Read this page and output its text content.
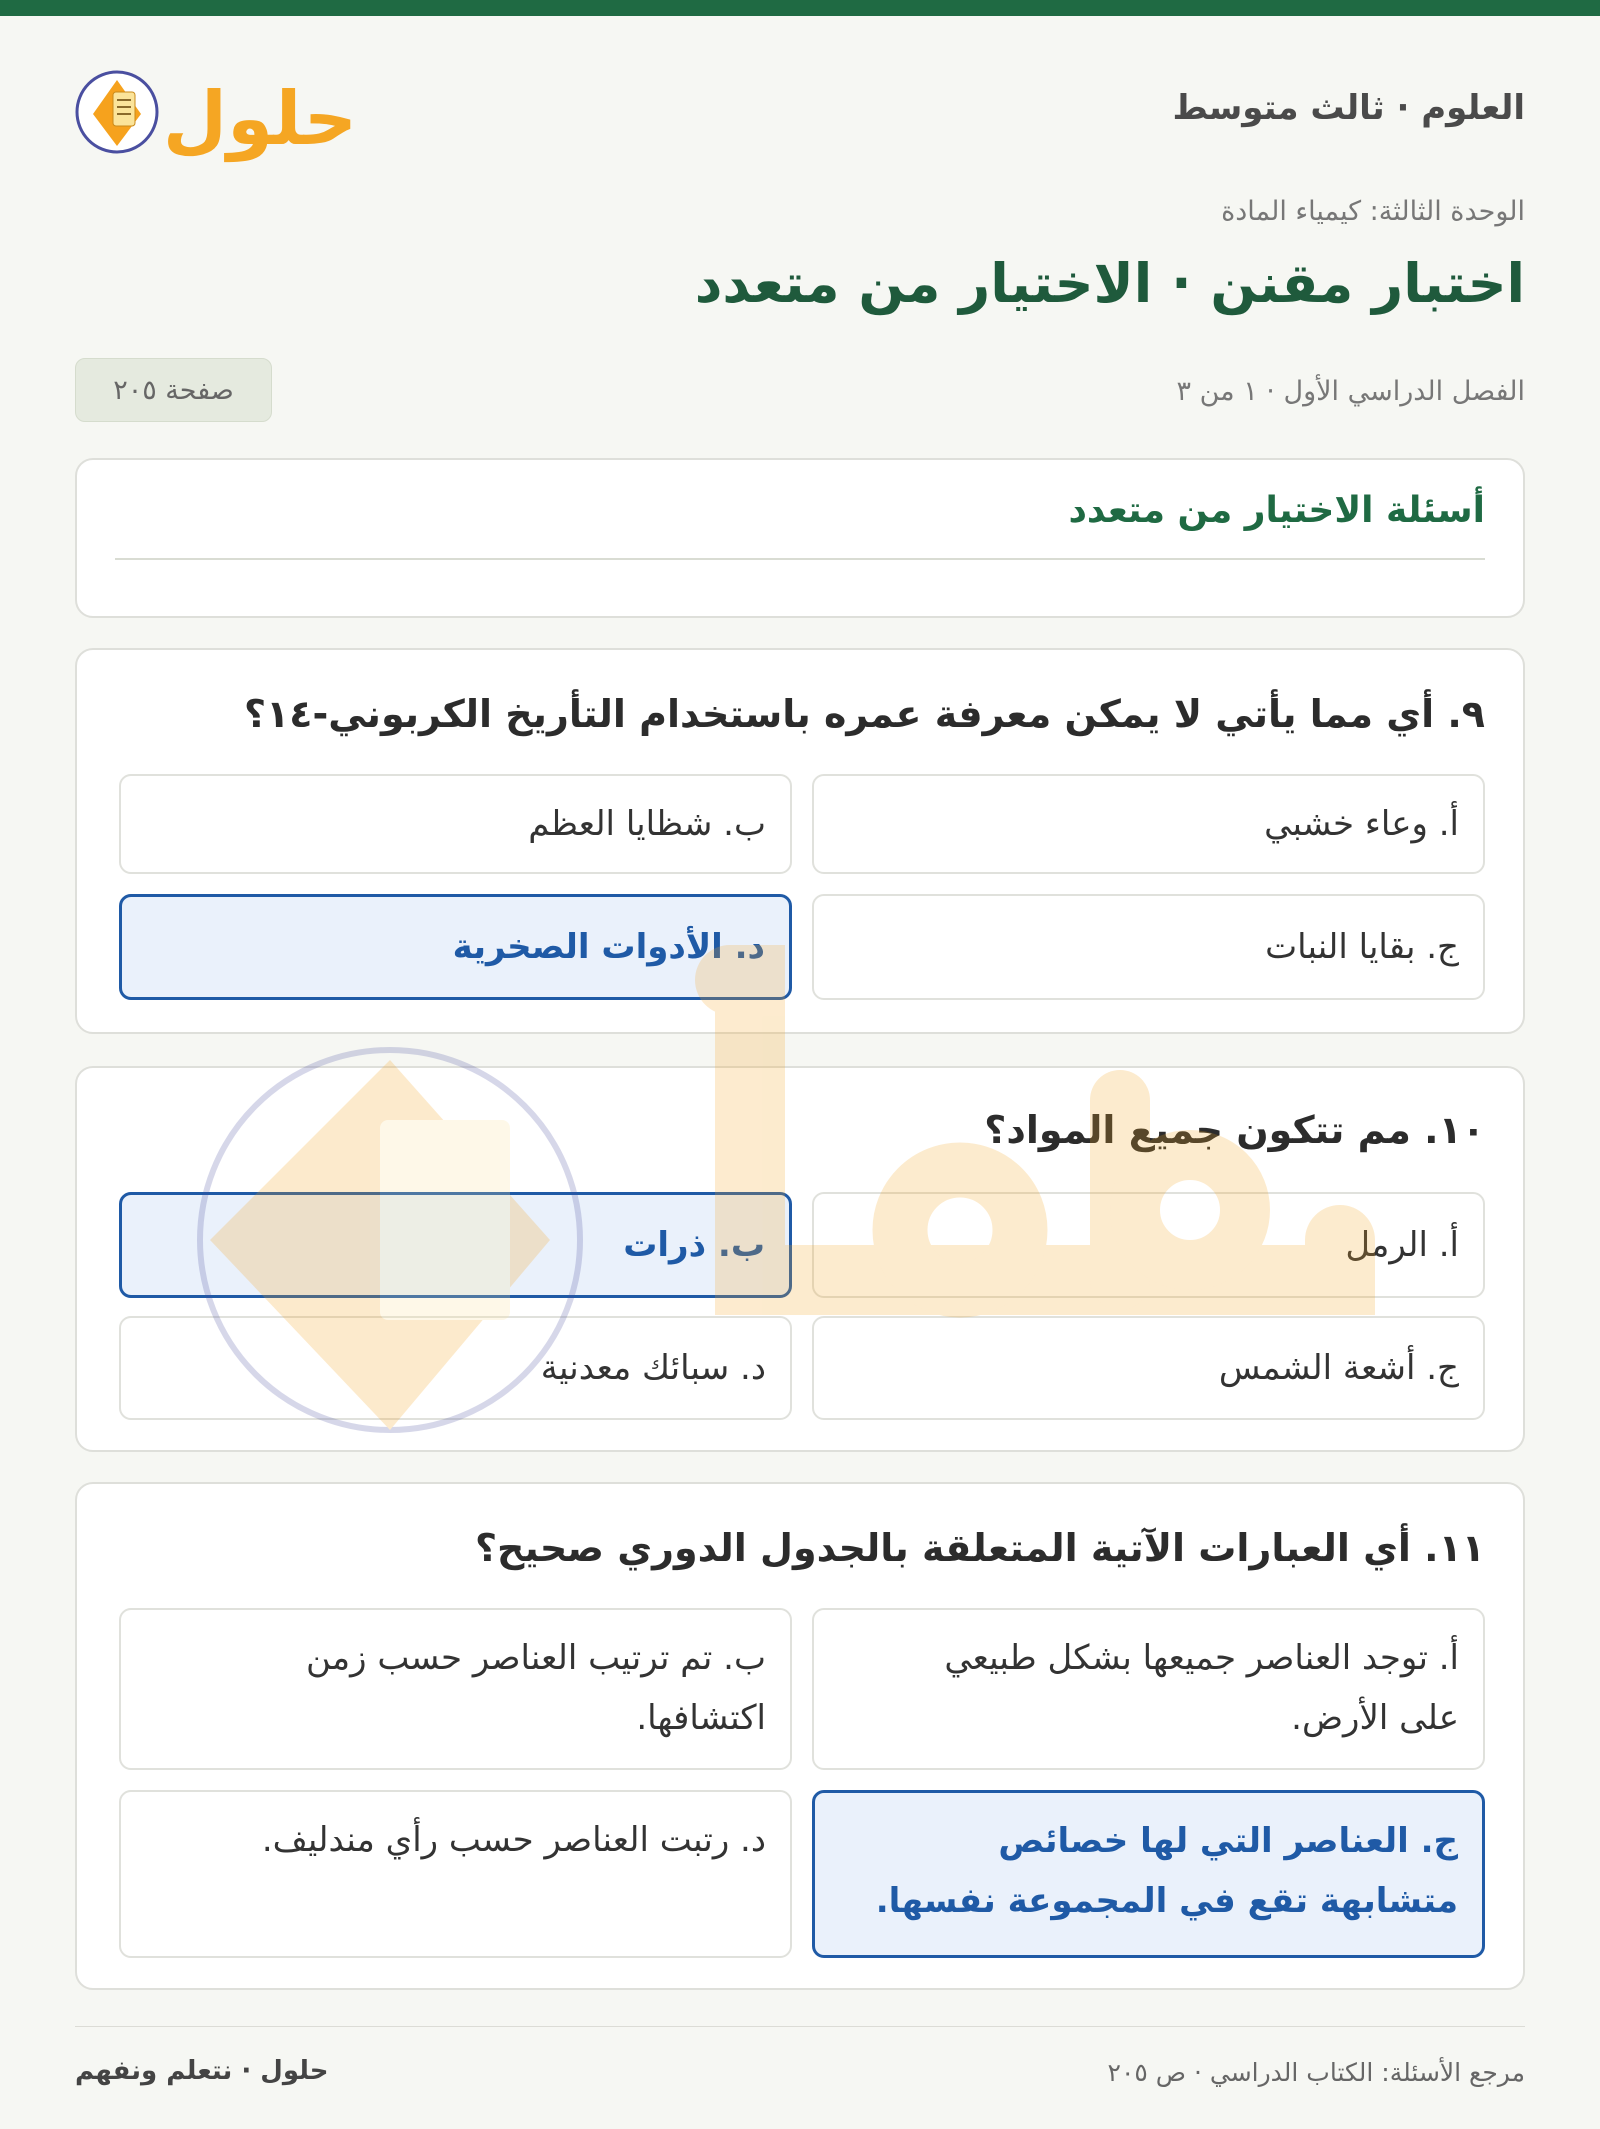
العلوم · ثالث متوسط
حلول
الوحدة الثالثة: كيمياء المادة
اختبار مقنن · الاختيار من متعدد
الفصل الدراسي الأول · ١ من ٣
صفحة ٢٠٥
أسئلة الاختيار من متعدد
٩. أي مما يأتي لا يمكن معرفة عمره باستخدام التأريخ الكربوني-١٤؟
أ. وعاء خشبي
ب. شظايا العظم
ج. بقايا النبات
د. الأدوات الصخرية
١٠. مم تتكون جميع المواد؟
أ. الرمل
ب. ذرات
ج. أشعة الشمس
د. سبائك معدنية
١١. أي العبارات الآتية المتعلقة بالجدول الدوري صحيح؟
أ. توجد العناصر جميعها بشكل طبيعي
على الأرض.
ب. تم ترتيب العناصر حسب زمن
اكتشافها.
ج. العناصر التي لها خصائص
متشابهة تقع في المجموعة نفسها.
د. رتبت العناصر حسب رأي مندليف.
مرجع الأسئلة: الكتاب الدراسي · ص ٢٠٥
حلول · نتعلم ونفهم
